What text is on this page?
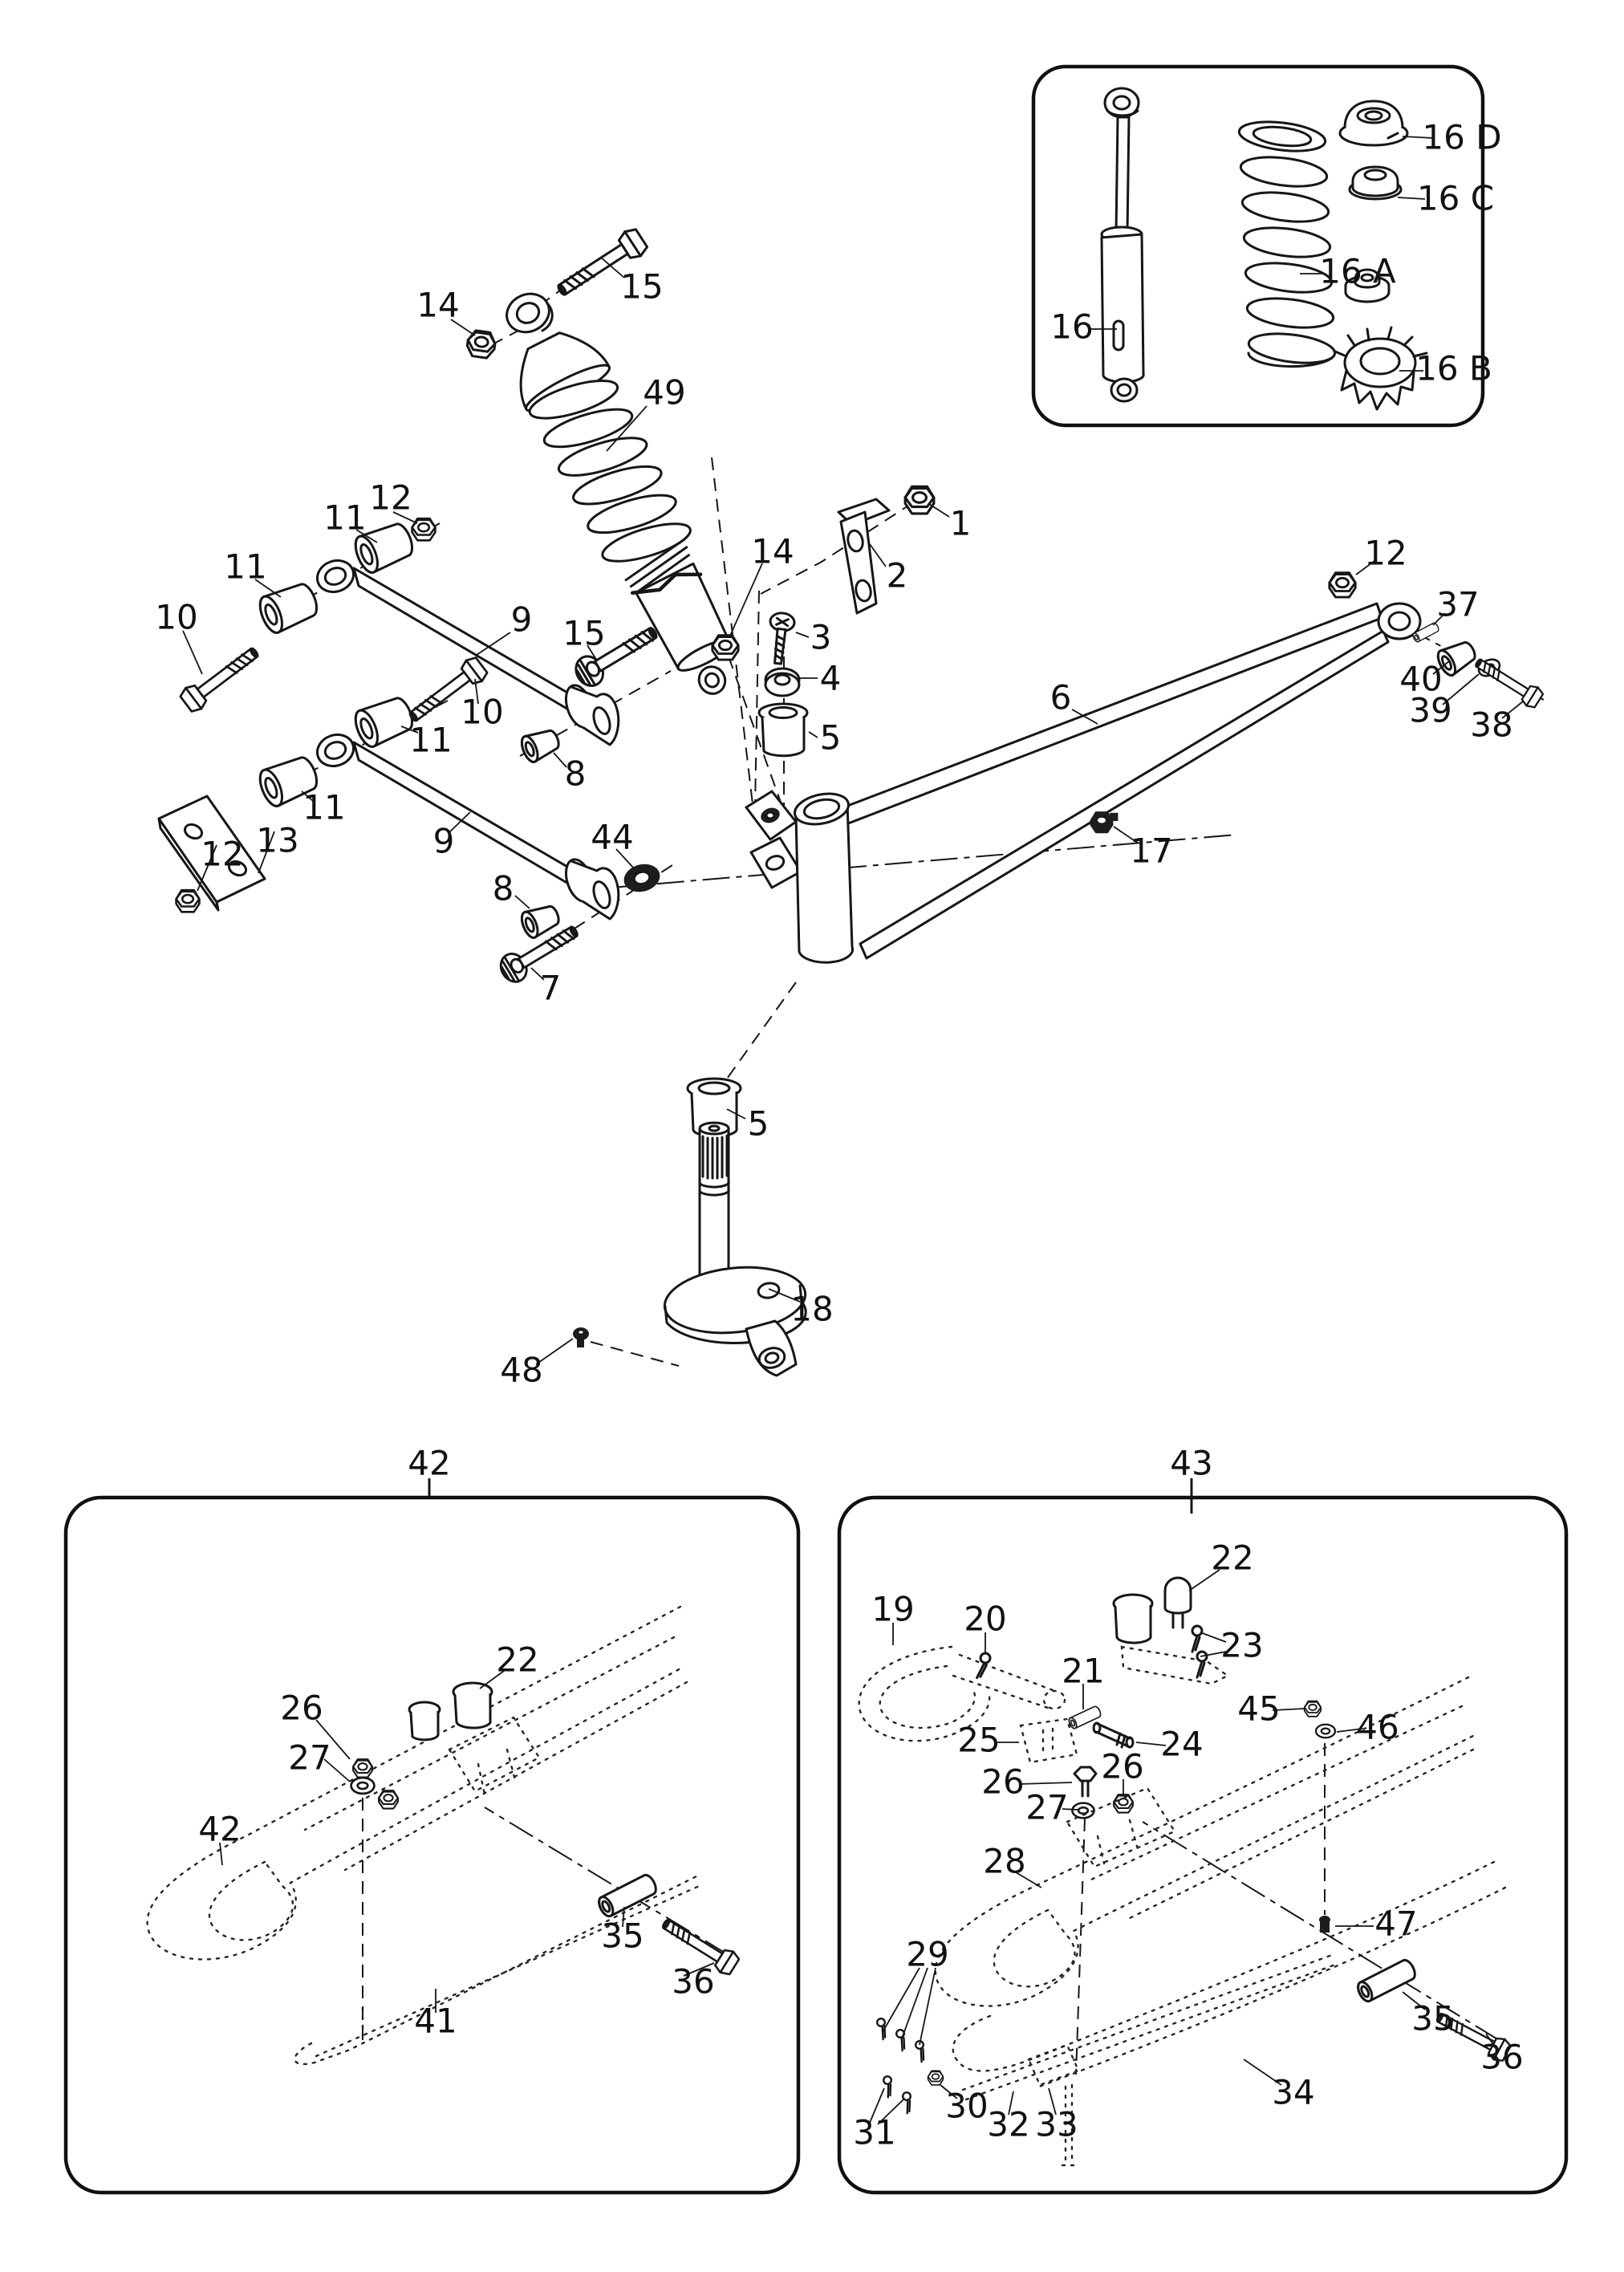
14	15
49
12
11
11
10	9 15
14
1
2
3
4
5
6
12
37
40
39 38
10
11
8
13
12
11
9	44
8
7
17
5
18
48
16
16 A
16 D
16 C
16 B
42	43
22
26
27
42
41
35
36
19 20
21
22
23
45 46
25	24
26 26
27
28
29
47
30
31	32 33
34
35
36
